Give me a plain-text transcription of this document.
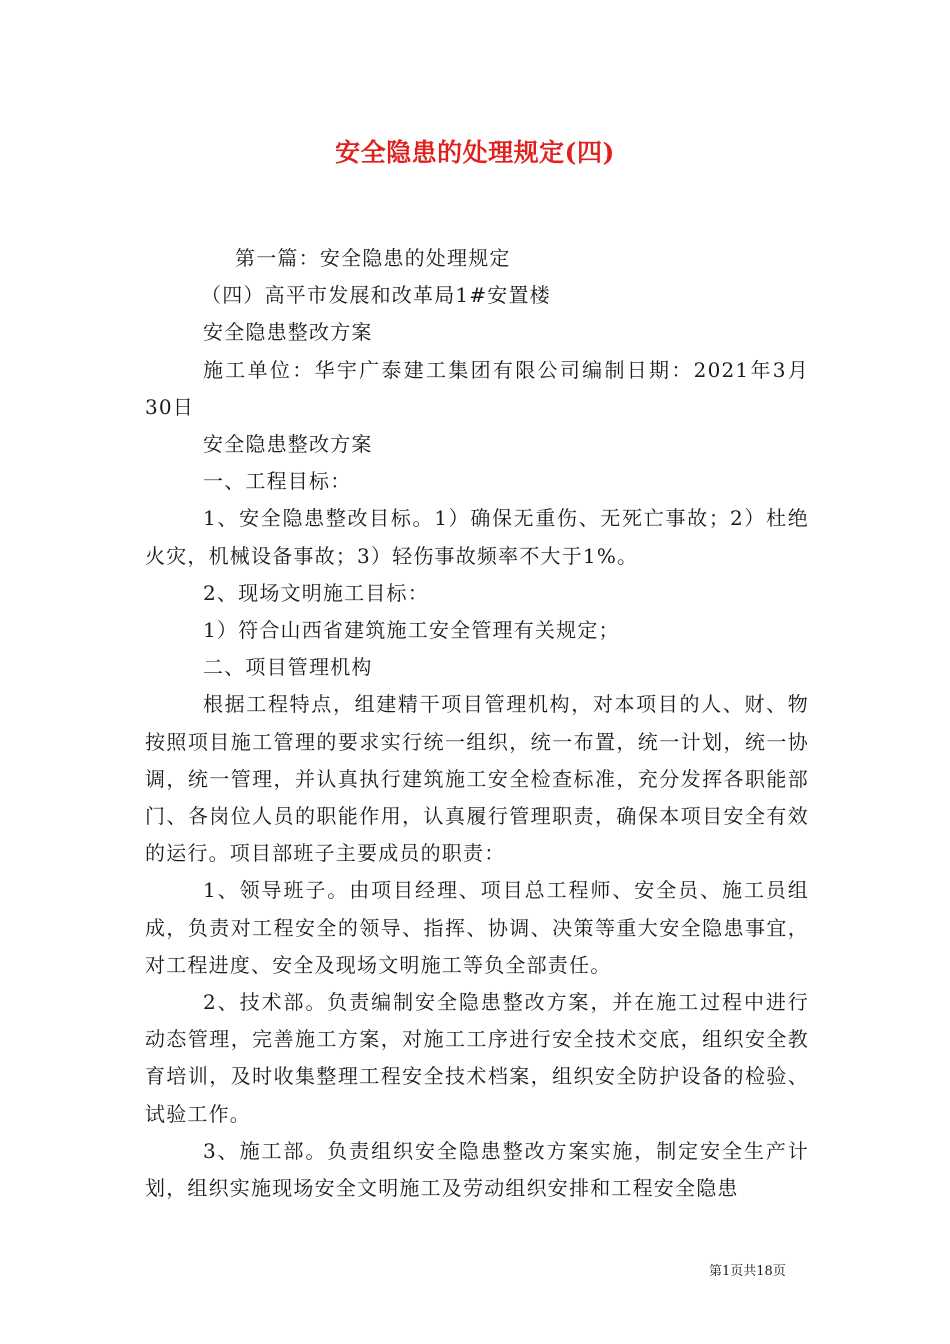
安全隐患的处理规定(四)

第一篇：安全隐患的处理规定

（四）高平市发展和改革局1#安置楼

安全隐患整改方案

施工单位：华宇广泰建工集团有限公司编制日期：2021年3月30日

安全隐患整改方案

一、工程目标：

1、安全隐患整改目标。1）确保无重伤、无死亡事故；2）杜绝火灾，机械设备事故；3）轻伤事故频率不大于1%。

2、现场文明施工目标：

1）符合山西省建筑施工安全管理有关规定；

二、项目管理机构

根据工程特点，组建精干项目管理机构，对本项目的人、财、物按照项目施工管理的要求实行统一组织，统一布置，统一计划，统一协调，统一管理，并认真执行建筑施工安全检查标准，充分发挥各职能部门、各岗位人员的职能作用，认真履行管理职责，确保本项目安全有效的运行。项目部班子主要成员的职责：

1、领导班子。由项目经理、项目总工程师、安全员、施工员组成，负责对工程安全的领导、指挥、协调、决策等重大安全隐患事宜，对工程进度、安全及现场文明施工等负全部责任。

2、技术部。负责编制安全隐患整改方案，并在施工过程中进行动态管理，完善施工方案，对施工工序进行安全技术交底，组织安全教育培训，及时收集整理工程安全技术档案，组织安全防护设备的检验、试验工作。

3、施工部。负责组织安全隐患整改方案实施，制定安全生产计划，组织实施现场安全文明施工及劳动组织安排和工程安全隐患

第1页共18页
